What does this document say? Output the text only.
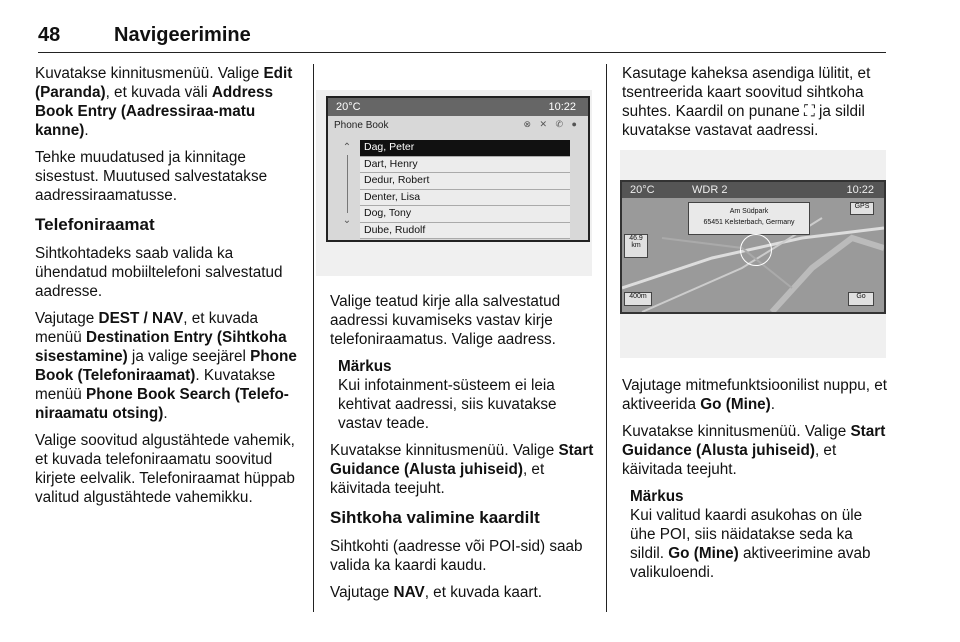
48	Navigeerimine

Kuvatakse kinnitusmenüü. Valige Edit (Paranda), et kuvada väli Address Book Entry (Aadressiraa-matu kanne).

Tehke muudatused ja kinnitage sisestust. Muutused salvestatakse aadressiraamatusse.

Telefoniraamat

Sihtkohtadeks saab valida ka ühendatud mobiiltelefoni salvestatud aadresse.

Vajutage DEST / NAV, et kuvada menüü Destination Entry (Sihtkoha sisestamine) ja valige seejärel Phone Book (Telefoniraamat). Kuvatakse menüü Phone Book Search (Telefo-niraamatu otsing).

Valige soovitud algustähtede vahemik, et kuvada telefoniraamatu soovitud kirjete eelvalik. Telefoniraamat hüppab valitud algustähtede vahemikku.

20°C	10:22
Phone Book	⊗ ✕ ✆ ●
⌃
⌄
Dag, Peter
Dart, Henry
Dedur, Robert
Denter, Lisa
Dog, Tony
Dube, Rudolf

Valige teatud kirje alla salvestatud aadressi kuvamiseks vastav kirje telefoniraamatus. Valige aadress.

Märkus
Kui infotainment-süsteem ei leia kehtivat aadressi, siis kuvatakse vastav teade.

Kuvatakse kinnitusmenüü. Valige Start Guidance (Alusta juhiseid), et käivitada teejuht.

Sihtkoha valimine kaardilt

Sihtkohti (aadresse või POI-sid) saab valida ka kaardi kaudu.

Vajutage NAV, et kuvada kaart.

Kasutage kaheksa asendiga lülitit, et tsentreerida kaart soovitud sihtkoha suhtes. Kaardil on punane ⛶ ja sildil kuvatakse vastavat aadressi.

20°C	WDR 2	10:22
Am Südpark
65451 Kelsterbach, Germany
GPS
46.9 km
400m	Go

Vajutage mitmefunktsioonilist nuppu, et aktiveerida Go (Mine).

Kuvatakse kinnitusmenüü. Valige Start Guidance (Alusta juhiseid), et käivitada teejuht.

Märkus
Kui valitud kaardi asukohas on üle ühe POI, siis näidatakse seda ka sildil. Go (Mine) aktiveerimine avab valikuloendi.
